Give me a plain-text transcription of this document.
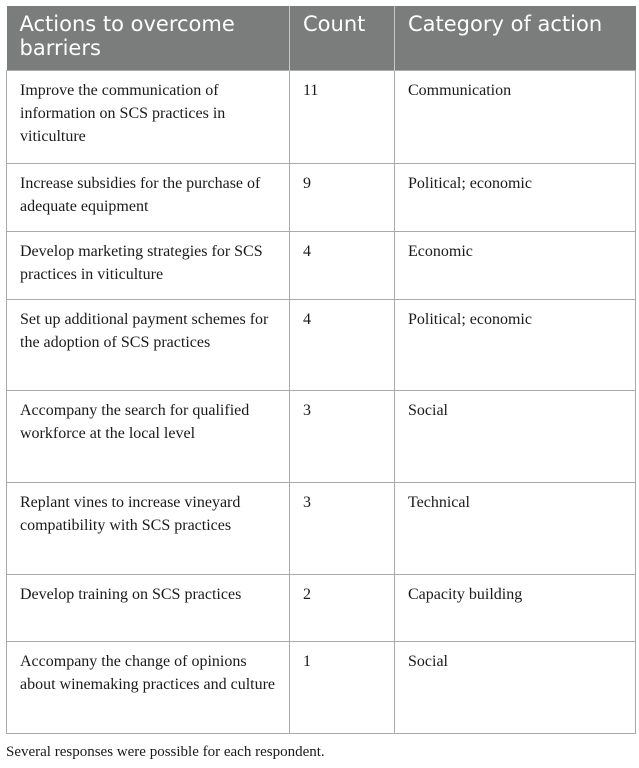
Actions to overcome barriers	Count	Category of action
Improve the communication of information on SCS practices in viticulture	11	Communication
Increase subsidies for the purchase of adequate equipment	9	Political; economic
Develop marketing strategies for SCS practices in viticulture	4	Economic
Set up additional payment schemes for the adoption of SCS practices	4	Political; economic
Accompany the search for qualified workforce at the local level	3	Social
Replant vines to increase vineyard compatibility with SCS practices	3	Technical
Develop training on SCS practices	2	Capacity building
Accompany the change of opinions about winemaking practices and culture	1	Social
Several responses were possible for each respondent.
